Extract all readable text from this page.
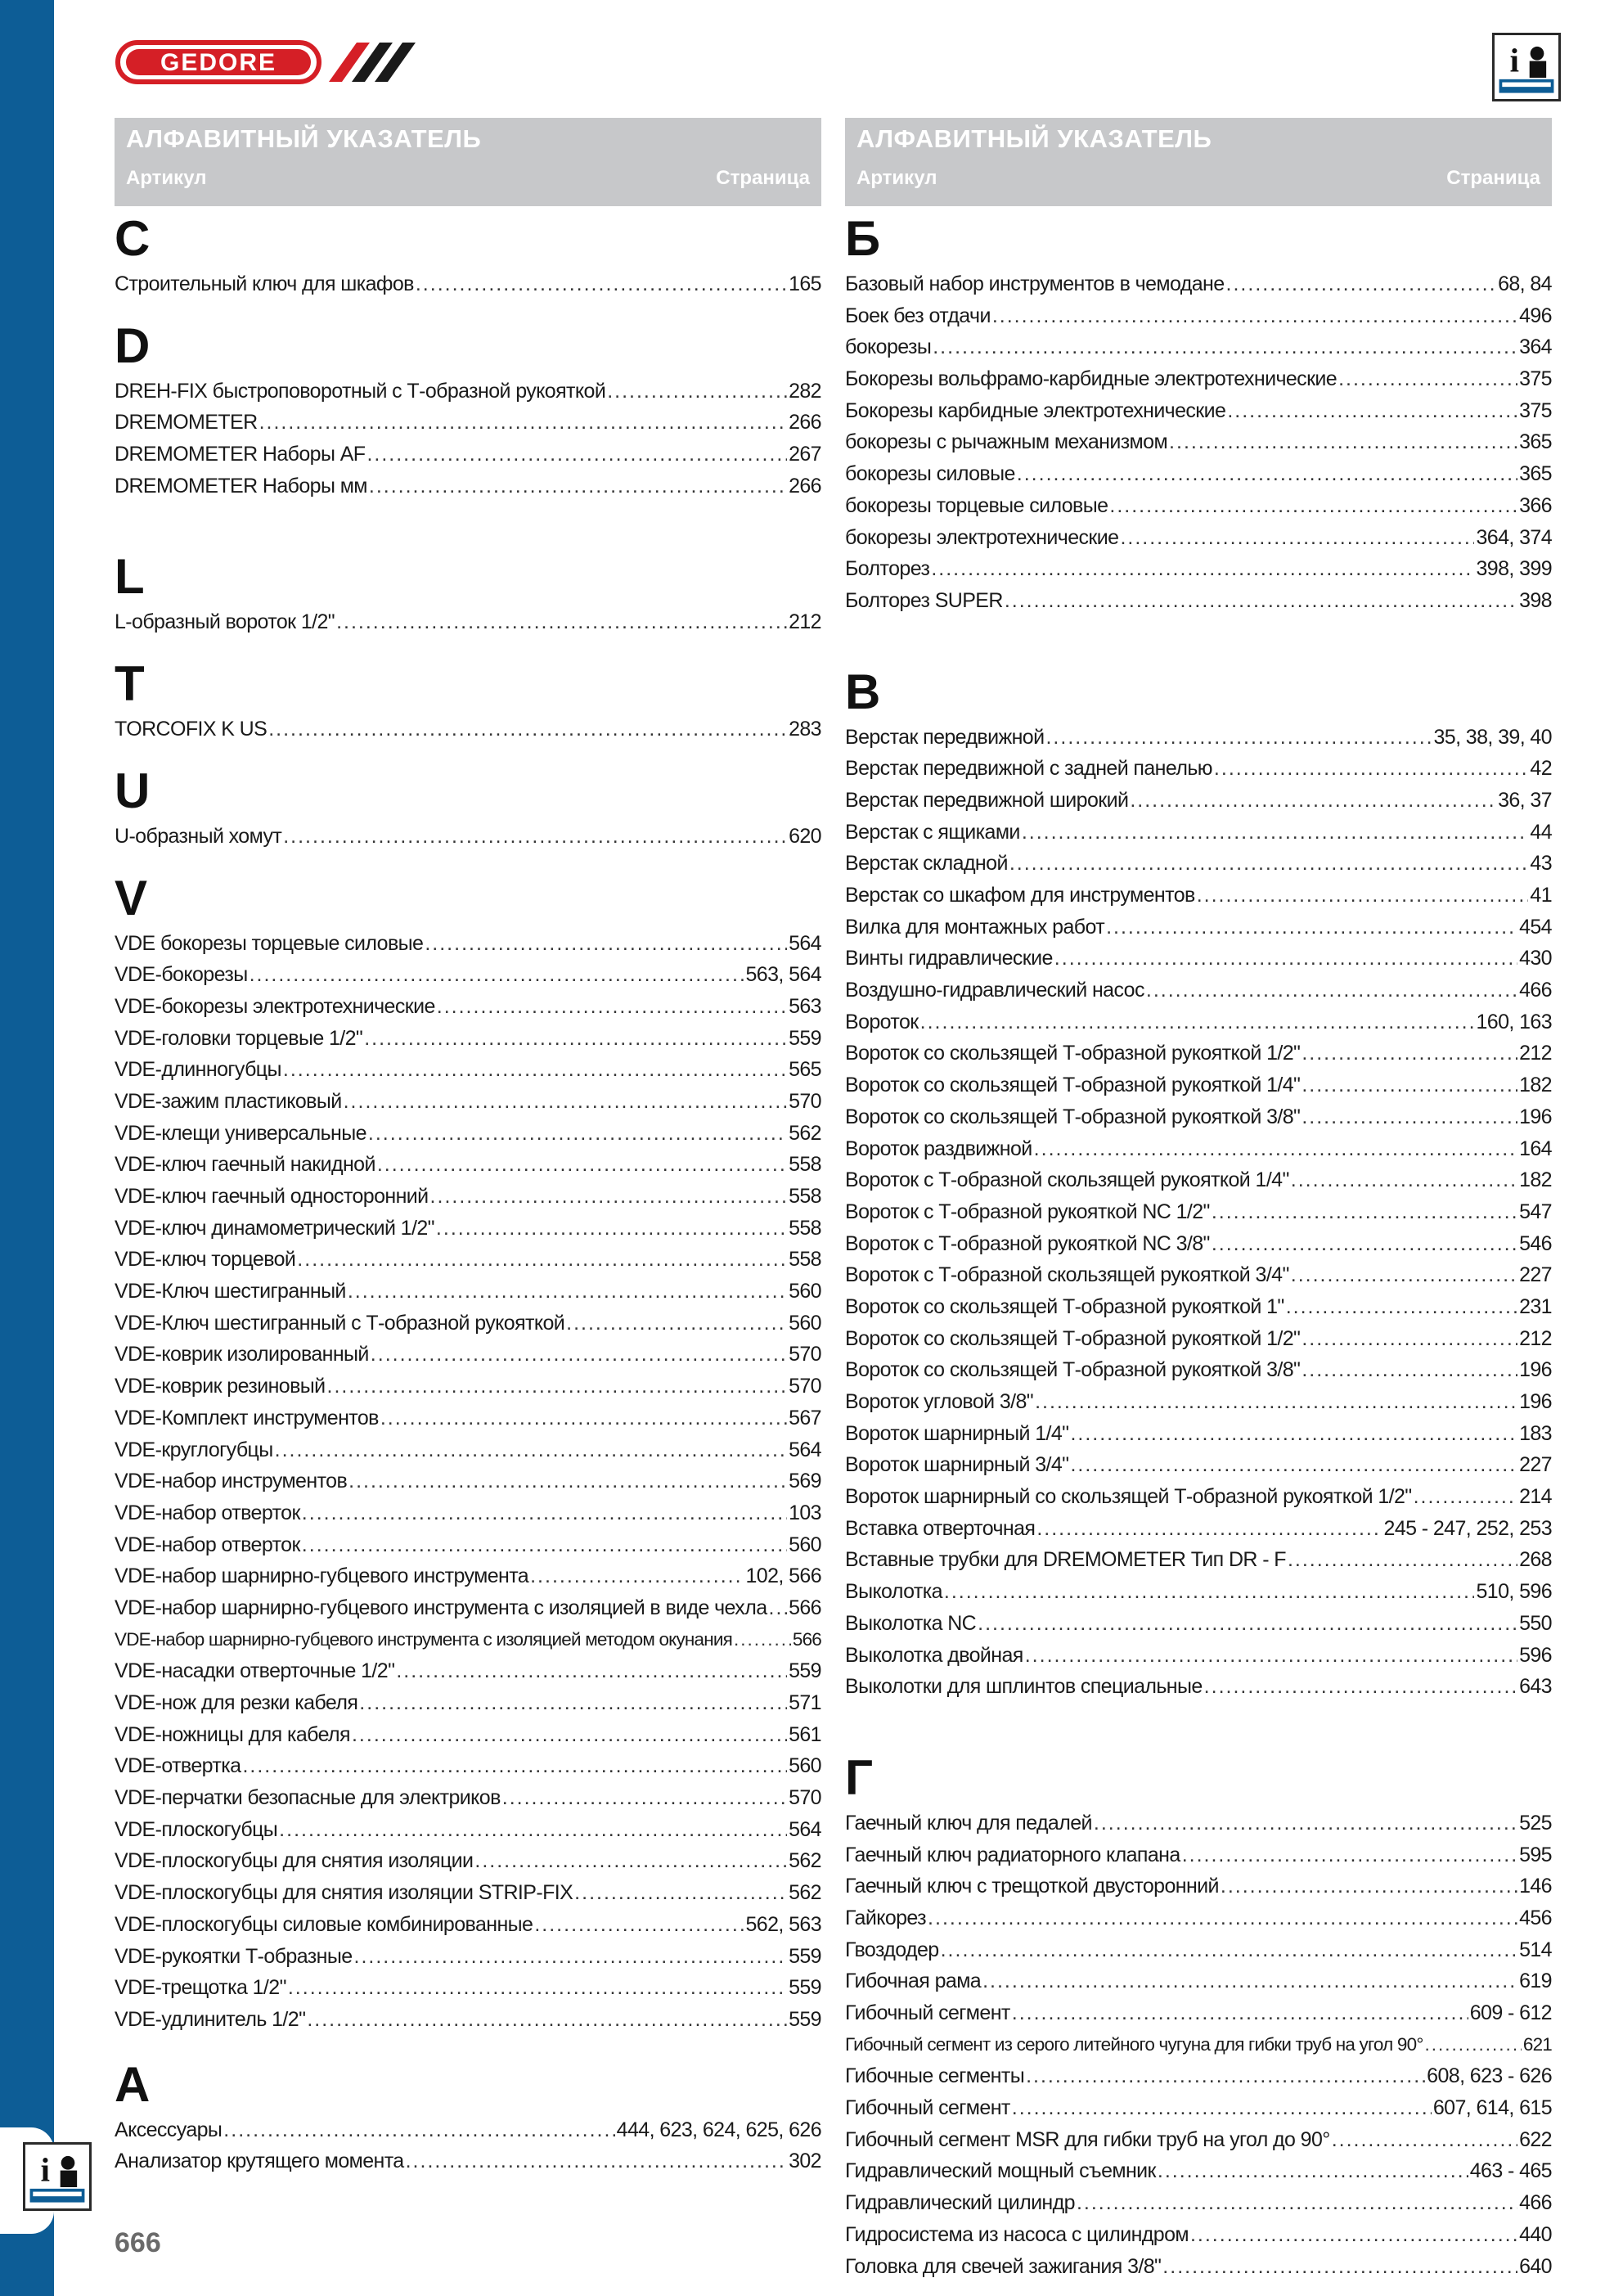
GEDORE	i
i
АЛФАВИТНЫЙ УКАЗАТЕЛЬ
Артикул	Страница
C
Строительный ключ для шкафов .....	165
D
DREH-FIX быстроповоротный с Т-образной рукояткой .....	282
DREMOMETER .....	266
DREMOMETER Наборы AF .....	267
DREMOMETER Наборы мм .....	266
L
L-образный вороток 1/2" .....	212
T
TORCOFIX K US .....	283
U
U-образный хомут .....	620
V
VDE бокорезы торцевые силовые .....	564
VDE-бокорезы .....	563, 564
VDE-бокорезы электротехнические .....	563
VDE-головки торцевые 1/2" .....	559
VDE-длинногубцы .....	565
VDE-зажим пластиковый .....	570
VDE-клещи универсальные .....	562
VDE-ключ гаечный накидной .....	558
VDE-ключ гаечный односторонний .....	558
VDE-ключ динамометрический 1/2" .....	558
VDE-ключ торцевой .....	558
VDE-Ключ шестигранный .....	560
VDE-Ключ шестигранный с Т-образной рукояткой .....	560
VDE-коврик изолированный .....	570
VDE-коврик резиновый .....	570
VDE-Комплект инструментов .....	567
VDE-круглогубцы .....	564
VDE-набор инструментов .....	569
VDE-набор отверток .....	103
VDE-набор отверток .....	560
VDE-набор шарнирно-губцевого инструмента .....	102, 566
VDE-набор шарнирно-губцевого инструмента с изоляцией в виде чехла ..... 566
VDE-набор шарнирно-губцевого инструмента с изоляцией методом окунания .....	566
VDE-насадки отверточные 1/2" .....	559
VDE-нож для резки кабеля .....	571
VDE-ножницы для кабеля .....	561
VDE-отвертка .....	560
VDE-перчатки безопасные для электриков .....	570
VDE-плоскогубцы .....	564
VDE-плоскогубцы для снятия изоляции .....	562
VDE-плоскогубцы для снятия изоляции STRIP-FIX .....	562
VDE-плоскогубцы силовые комбинированные .....	562, 563
VDE-рукоятки Т-образные .....	559
VDE-трещотка 1/2" .....	559
VDE-удлинитель 1/2" .....	559
А
Аксессуары .....	444, 623, 624, 625, 626
Анализатор крутящего момента .....	302
АЛФАВИТНЫЙ УКАЗАТЕЛЬ
Артикул	Страница
Б
Базовый набор инструментов в чемодане .....	68, 84
Боек без отдачи .....	496
бокорезы .....	364
Бокорезы вольфрамо-карбидные электротехнические .....	375
Бокорезы карбидные электротехнические .....	375
бокорезы с рычажным механизмом .....	365
бокорезы силовые .....	365
бокорезы торцевые силовые .....	366
бокорезы электротехнические .....	364, 374
Болторез .....	398, 399
Болторез SUPER .....	398
В
Верстак передвижной .....	35, 38, 39, 40
Верстак передвижной с задней панелью .....	42
Верстак передвижной широкий .....	36, 37
Верстак с ящиками .....	44
Верстак складной .....	43
Верстак со шкафом для инструментов .....	41
Вилка для монтажных работ .....	454
Винты гидравлические .....	430
Воздушно-гидравлический насос .....	466
Вороток .....	160, 163
Вороток со скользящей Т-образной рукояткой 1/2" .....	212
Вороток со скользящей Т-образной рукояткой 1/4" .....	182
Вороток со скользящей Т-образной рукояткой 3/8" .....	196
Вороток раздвижной .....	164
Вороток с Т-образной скользящей рукояткой 1/4" .....	182
Вороток с Т-образной рукояткой NC 1/2" .....	547
Вороток с Т-образной рукояткой NC 3/8" .....	546
Вороток с Т-образной скользящей рукояткой 3/4" .....	227
Вороток со скользящей Т-образной рукояткой 1" .....	231
Вороток со скользящей Т-образной рукояткой 1/2" .....	212
Вороток со скользящей Т-образной рукояткой 3/8" .....	196
Вороток угловой 3/8" .....	196
Вороток шарнирный 1/4" .....	183
Вороток шарнирный 3/4" .....	227
Вороток шарнирный со скользящей Т-образной рукояткой 1/2" .....	214
Вставка отверточная .....	245 - 247, 252, 253
Вставные трубки для DREMOMETER Тип DR - F .....	268
Выколотка .....	510, 596
Выколотка NC .....	550
Выколотка двойная .....	596
Выколотки для шплинтов специальные .....	643
Г
Гаечный ключ для педалей .....	525
Гаечный ключ радиаторного клапана .....	595
Гаечный ключ с трещоткой двусторонний .....	146
Гайкорез .....	456
Гвоздодер .....	514
Гибочная рама .....	619
Гибочный сегмент .....	609 - 612
Гибочный сегмент из серого литейного чугуна для гибки труб на угол 90° .....	621
Гибочные сегменты .....	608, 623 - 626
Гибочный сегмент .....	607, 614, 615
Гибочный сегмент MSR для гибки труб на угол до 90° .....	622
Гидравлический мощный съемник .....	463 - 465
Гидравлический цилиндр .....	466
Гидросистема из насоса с цилиндром .....	440
Головка для свечей зажигания 3/8" .....	640
666
